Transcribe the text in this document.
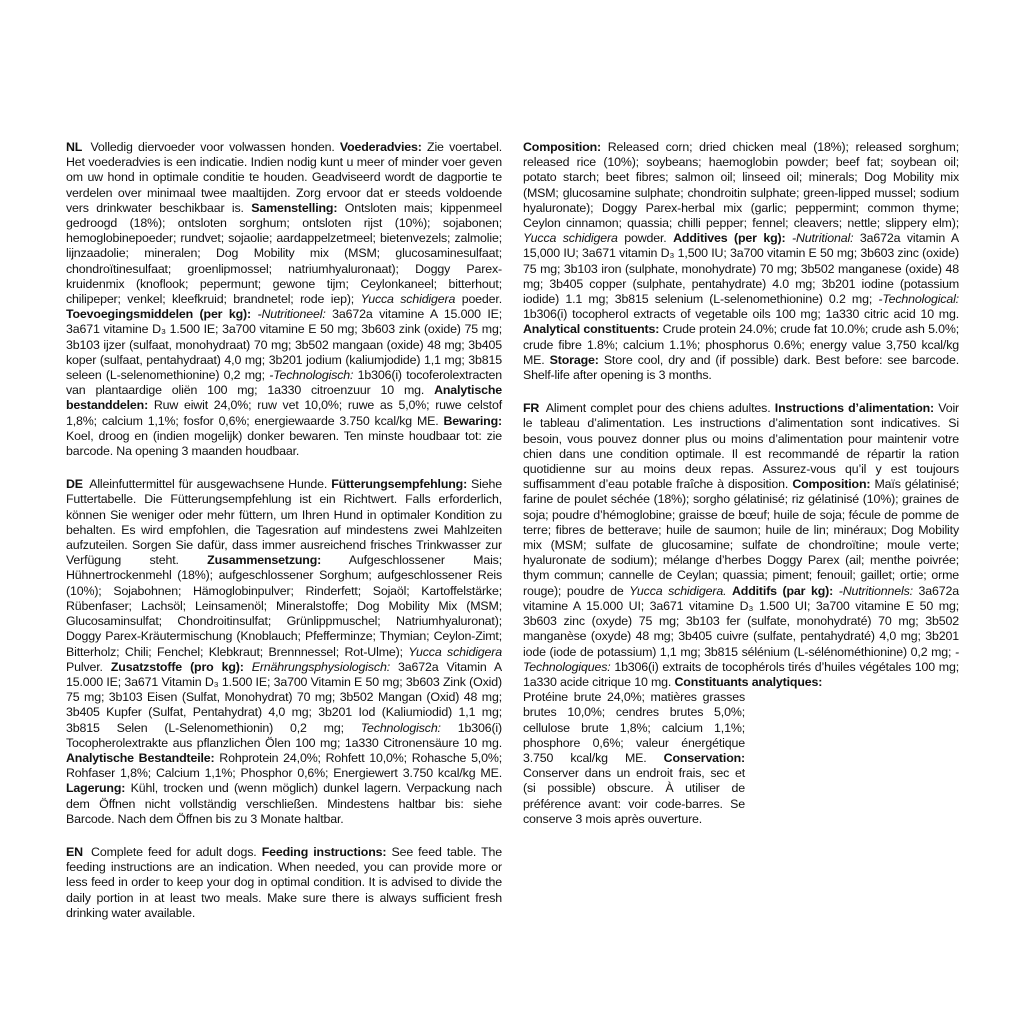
NL Volledig diervoeder voor volwassen honden. Voederadvies: Zie voertabel. Het voederadvies is een indicatie. Indien nodig kunt u meer of minder voer geven om uw hond in optimale conditie te houden. Geadviseerd wordt de dagportie te verdelen over minimaal twee maaltijden. Zorg ervoor dat er steeds voldoende vers drinkwater beschikbaar is. Samenstelling: Ontsloten mais; kippenmeel gedroogd (18%); ontsloten sorghum; ontsloten rijst (10%); sojabonen; hemoglobinepoeder; rundvet; sojaolie; aardappelzetmeel; bietenvezels; zalmolie; lijnzaadolie; mineralen; Dog Mobility mix (MSM; glucosaminesulfaat; chondroïtinesulfaat; groenlipmossel; natriumhyaluronaat); Doggy Parex-kruidenmix (knoflook; pepermunt; gewone tijm; Ceylonkaneel; bitterhout; chilipeper; venkel; kleefkruid; brandnetel; rode iep); Yucca schidigera poeder. Toevoegingsmiddelen (per kg): -Nutritioneel: 3a672a vitamine A 15.000 IE; 3a671 vitamine D₃ 1.500 IE; 3a700 vitamine E 50 mg; 3b603 zink (oxide) 75 mg; 3b103 ijzer (sulfaat, monohydraat) 70 mg; 3b502 mangaan (oxide) 48 mg; 3b405 koper (sulfaat, pentahydraat) 4,0 mg; 3b201 jodium (kaliumjodide) 1,1 mg; 3b815 seleen (L-selenomethionine) 0,2 mg; -Technologisch: 1b306(i) tocoferolextracten van plantaardige oliën 100 mg; 1a330 citroenzuur 10 mg. Analytische bestanddelen: Ruw eiwit 24,0%; ruw vet 10,0%; ruwe as 5,0%; ruwe celstof 1,8%; calcium 1,1%; fosfor 0,6%; energiewaarde 3.750 kcal/kg ME. Bewaring: Koel, droog en (indien mogelijk) donker bewaren. Ten minste houdbaar tot: zie barcode. Na opening 3 maanden houdbaar.

DE Alleinfuttermittel für ausgewachsene Hunde. Fütterungsempfehlung: Siehe Futtertabelle. Die Fütterungsempfehlung ist ein Richtwert. Falls erforderlich, können Sie weniger oder mehr füttern, um Ihren Hund in optimaler Kondition zu behalten. Es wird empfohlen, die Tagesration auf mindestens zwei Mahlzeiten aufzuteilen. Sorgen Sie dafür, dass immer ausreichend frisches Trinkwasser zur Verfügung steht. Zusammensetzung: Aufgeschlossener Mais; Hühnertrockenmehl (18%); aufgeschlossener Sorghum; aufgeschlossener Reis (10%); Sojabohnen; Hämoglobinpulver; Rinderfett; Sojaöl; Kartoffelstärke; Rübenfaser; Lachsöl; Leinsamenöl; Mineralstoffe; Dog Mobility Mix (MSM; Glucosaminsulfat; Chondroitinsulfat; Grünlippmuschel; Natriumhyaluronat); Doggy Parex-Kräutermischung (Knoblauch; Pfefferminze; Thymian; Ceylon-Zimt; Bitterholz; Chili; Fenchel; Klebkraut; Brennnessel; Rot-Ulme); Yucca schidigera Pulver. Zusatzstoffe (pro kg): Ernährungsphysiologisch: 3a672a Vitamin A 15.000 IE; 3a671 Vitamin D₃ 1.500 IE; 3a700 Vitamin E 50 mg; 3b603 Zink (Oxid) 75 mg; 3b103 Eisen (Sulfat, Monohydrat) 70 mg; 3b502 Mangan (Oxid) 48 mg; 3b405 Kupfer (Sulfat, Pentahydrat) 4,0 mg; 3b201 Iod (Kaliumiodid) 1,1 mg; 3b815 Selen (L-Selenomethionin) 0,2 mg; Technologisch: 1b306(i) Tocopherolextrakte aus pflanzlichen Ölen 100 mg; 1a330 Citronensäure 10 mg. Analytische Bestandteile: Rohprotein 24,0%; Rohfett 10,0%; Rohasche 5,0%; Rohfaser 1,8%; Calcium 1,1%; Phosphor 0,6%; Energiewert 3.750 kcal/kg ME. Lagerung: Kühl, trocken und (wenn möglich) dunkel lagern. Verpackung nach dem Öffnen nicht vollständig verschließen. Mindestens haltbar bis: siehe Barcode. Nach dem Öffnen bis zu 3 Monate haltbar.

EN Complete feed for adult dogs. Feeding instructions: See feed table. The feeding instructions are an indication. When needed, you can provide more or less feed in order to keep your dog in optimal condition. It is advised to divide the daily portion in at least two meals. Make sure there is always sufficient fresh drinking water available.

Composition: Released corn; dried chicken meal (18%); released sorghum; released rice (10%); soybeans; haemoglobin powder; beef fat; soybean oil; potato starch; beet fibres; salmon oil; linseed oil; minerals; Dog Mobility mix (MSM; glucosamine sulphate; chondroitin sulphate; green-lipped mussel; sodium hyaluronate); Doggy Parex-herbal mix (garlic; peppermint; common thyme; Ceylon cinnamon; quassia; chilli pepper; fennel; cleavers; nettle; slippery elm); Yucca schidigera powder. Additives (per kg): -Nutritional: 3a672a vitamin A 15,000 IU; 3a671 vitamin D₃ 1,500 IU; 3a700 vitamin E 50 mg; 3b603 zinc (oxide) 75 mg; 3b103 iron (sulphate, monohydrate) 70 mg; 3b502 manganese (oxide) 48 mg; 3b405 copper (sulphate, pentahydrate) 4.0 mg; 3b201 iodine (potassium iodide) 1.1 mg; 3b815 selenium (L-selenomethionine) 0.2 mg; -Technological: 1b306(i) tocopherol extracts of vegetable oils 100 mg; 1a330 citric acid 10 mg. Analytical constituents: Crude protein 24.0%; crude fat 10.0%; crude ash 5.0%; crude fibre 1.8%; calcium 1.1%; phosphorus 0.6%; energy value 3,750 kcal/kg ME. Storage: Store cool, dry and (if possible) dark. Best before: see barcode. Shelf-life after opening is 3 months.

FR Aliment complet pour des chiens adultes. Instructions d’alimentation: Voir le tableau d’alimentation. Les instructions d’alimentation sont indicatives. Si besoin, vous pouvez donner plus ou moins d’alimentation pour maintenir votre chien dans une condition optimale. Il est recommandé de répartir la ration quotidienne sur au moins deux repas. Assurez-vous qu’il y est toujours suffisamment d’eau potable fraîche à disposition. Composition: Maïs gélatinisé; farine de poulet séchée (18%); sorgho gélatinisé; riz gélatinisé (10%); graines de soja; poudre d’hémoglobine; graisse de bœuf; huile de soja; fécule de pomme de terre; fibres de betterave; huile de saumon; huile de lin; minéraux; Dog Mobility mix (MSM; sulfate de glucosamine; sulfate de chondroïtine; moule verte; hyaluronate de sodium); mélange d’herbes Doggy Parex (ail; menthe poivrée; thym commun; cannelle de Ceylan; quassia; piment; fenouil; gaillet; ortie; orme rouge); poudre de Yucca schidigera. Additifs (par kg): -Nutritionnels: 3a672a vitamine A 15.000 UI; 3a671 vitamine D₃ 1.500 UI; 3a700 vitamine E 50 mg; 3b603 zinc (oxyde) 75 mg; 3b103 fer (sulfate, monohydraté) 70 mg; 3b502 manganèse (oxyde) 48 mg; 3b405 cuivre (sulfate, pentahydraté) 4,0 mg; 3b201 iode (iode de potassium) 1,1 mg; 3b815 sélénium (L-sélénométhionine) 0,2 mg; -Technologiques: 1b306(i) extraits de tocophérols tirés d’huiles végétales 100 mg; 1a330 acide citrique 10 mg. Constituants analytiques:

Protéine brute 24,0%; matières grasses brutes 10,0%; cendres brutes 5,0%; cellulose brute 1,8%; calcium 1,1%; phosphore 0,6%; valeur énergétique 3.750 kcal/kg ME. Conservation: Conserver dans un endroit frais, sec et (si possible) obscure. À utiliser de préférence avant: voir code-barres. Se conserve 3 mois après ouverture.
